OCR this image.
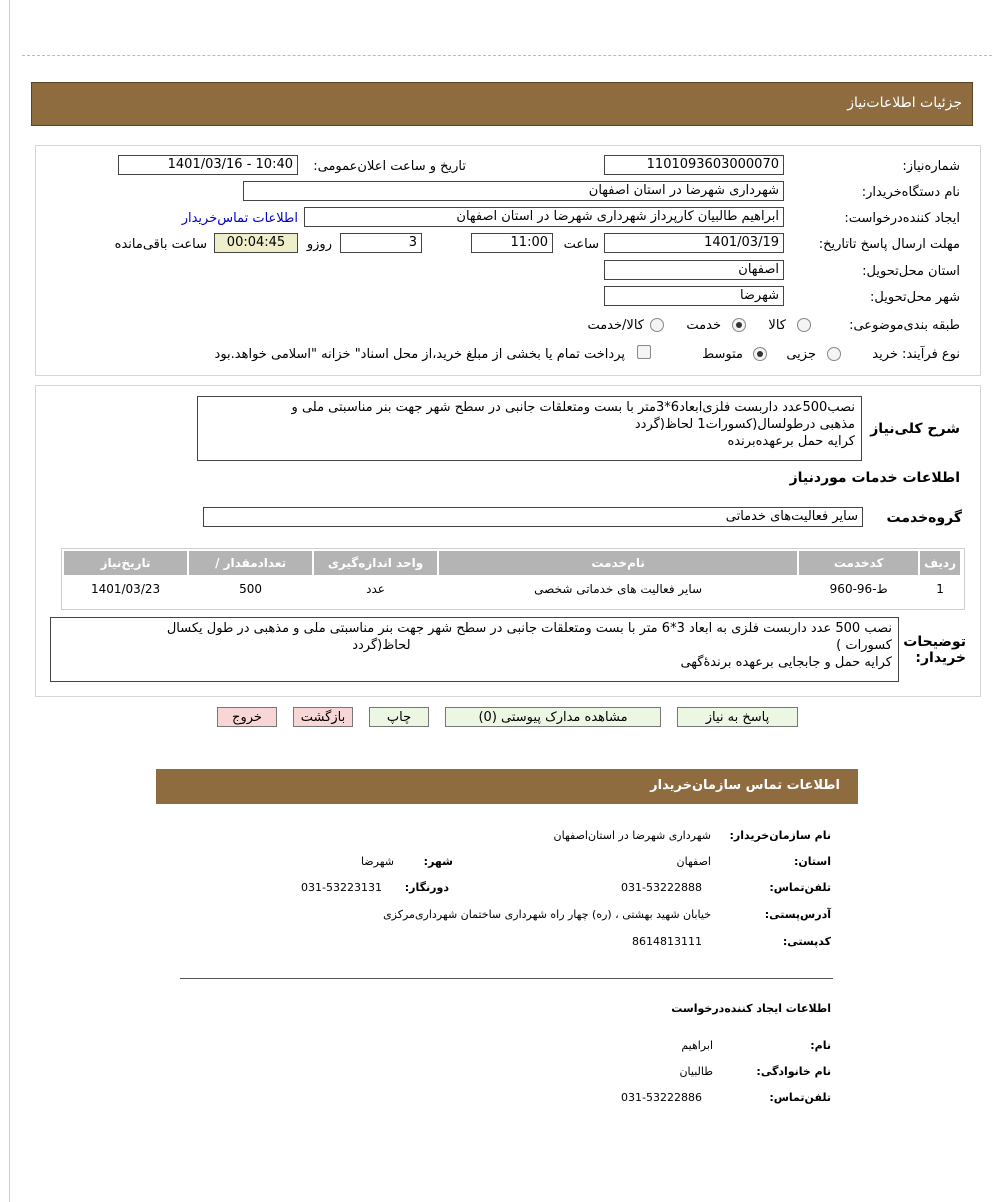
جزئيات اطلاعات‌نیاز
شماره‌نیاز:
1101093603000070
تاریخ و ساعت اعلان‌عمومی:
1401/03/16 - 10:40
نام دستگاه‌خریدار:
شهرداری شهرضا در استان اصفهان
ایجاد کننده‌درخواست:
ابراهیم طالبیان کارپرداز شهرداری شهرضا در استان اصفهان
اطلاعات تماس‌خریدار
مهلت ارسال پاسخ تا‌تاریخ:
1401/03/19
ساعت
11:00
3
روزو
00:04:45
ساعت باقی‌مانده
استان محل‌تحویل:
اصفهان
شهر محل‌تحویل:
شهرضا
طبقه بندی‌موضوعی:
کالا
خدمت
کالا/خدمت
نوع فرآیند: خرید
جزیی
متوسط
پرداخت تمام یا بخشی از مبلغ خرید،از محل اسناد" خزانه "اسلامی خواهد.بود
شرح کلی‌نیاز
نصب500عدد داربست فلزی‌ابعاد6*3متر با بست ومتعلقات جانبی در سطح شهر جهت بنر مناسبتی ملی و
مذهبی درطولسال(کسورات1 لحاظ(گردد
کرایه حمل برعهده‌برنده
اطلاعات خدمات موردنیاز
گروه‌خدمت
سایر فعالیت‌های خدماتی
ردیف	کدخدمت	نام‌خدمت	واحد اندازه‌گیری	تعدادمقدار /	تاریخ‌نیاز
1	ط-96-960	سایر فعالیت های خدماتی شخصی	عدد	500	1401/03/23
توضیحات خریدار:
نصب 500 عدد داربست فلزی به ابعاد 3*6 متر با بست ومتعلقات جانبی در سطح شهر جهت بنر مناسبتی ملی و مذهبی در طول یکسال
کسورات )                                                                                                       لحاظ(گردد
کرایه حمل و جابجایی برعهده برندهٔ‌گهی
پاسخ به نیاز
مشاهده مدارک پیوستی (0)
چاپ
بازگشت
خروج
اطلاعات تماس سازمان‌خریدار
نام سازمان‌خریدار:
شهرداری شهرضا در استان‌اصفهان
استان:
اصفهان
شهر:
شهرضا
تلفن‌تماس:
031-53222888
دورنگار:
031-53223131
آدرس‌پستی:
خیابان شهید بهشتی ، (ره) چهار راه شهرداری ساختمان شهرداری‌مرکزی
کد‌پستی:
8614813111
اطلاعات ایجاد کننده‌درخواست
نام:
ابراهیم
نام خانوادگی:
طالبیان
تلفن‌تماس:
031-53222886
